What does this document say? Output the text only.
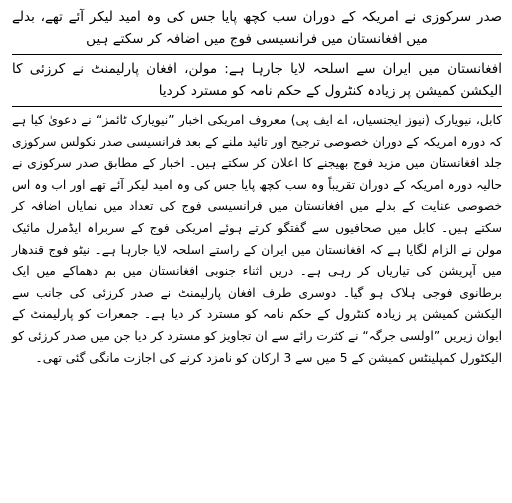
صدر سرکوزی نے امریکہ کے دوران سب کچھ پایا جس کی وہ امید لیکر آئے تھے، بدلے میں افغانستان میں فرانسیسی فوج میں اضافہ کر سکتے ہیں
افغانستان میں ایران سے اسلحہ لایا جارہا ہے: مولن، افغان پارلیمنٹ نے کرزئی کا الیکشن کمیشن پر زیادہ کنٹرول کے حکم نامہ کو مسترد کردیا
کابل، نیویارک (نیوز ایجنسیاں، اے ایف پی) معروف امریکی اخبار ”نیویارک ٹائمز“ نے دعویٰ کیا ہے کہ دورہ امریکہ کے دوران خصوصی ترجیح اور تائید ملنے کے بعد فرانسیسی صدر نکولس سرکوزی جلد افغانستان میں مزید فوج بھیجنے کا اعلان کر سکتے ہیں۔ اخبار کے مطابق صدر سرکوزی نے حالیہ دورہ امریکہ کے دوران تقریباً وہ سب کچھ پایا جس کی وہ امید لیکر آئے تھے اور اب وہ اس خصوصی عنایت کے بدلے میں افغانستان میں فرانسیسی فوج کی تعداد میں نمایاں اضافہ کر سکتے ہیں۔ کابل میں صحافیوں سے گفتگو کرتے ہوئے امریکی فوج کے سربراہ ایڈمرل مائیک مولن نے الزام لگایا ہے کہ افغانستان میں ایران کے راستے اسلحہ لایا جارہا ہے۔ نیٹو فوج قندھار میں آپریشن کی تیاریاں کر رہی ہے۔ دریں اثناء جنوبی افغانستان میں بم دھماکے میں ایک برطانوی فوجی ہلاک ہو گیا۔ دوسری طرف افغان پارلیمنٹ نے صدر کرزئی کی جانب سے الیکشن کمیشن پر زیادہ کنٹرول کے حکم نامہ کو مسترد کر دیا ہے۔ جمعرات کو پارلیمنٹ کے ایوان زیریں ”اولسی جرگہ“ نے کثرت رائے سے ان تجاویز کو مسترد کر دیا جن میں صدر کرزئی کو الیکٹورل کمپلینٹس کمیشن کے 5 میں سے 3 ارکان کو نامزد کرنے کی اجازت مانگی گئی تھی۔
